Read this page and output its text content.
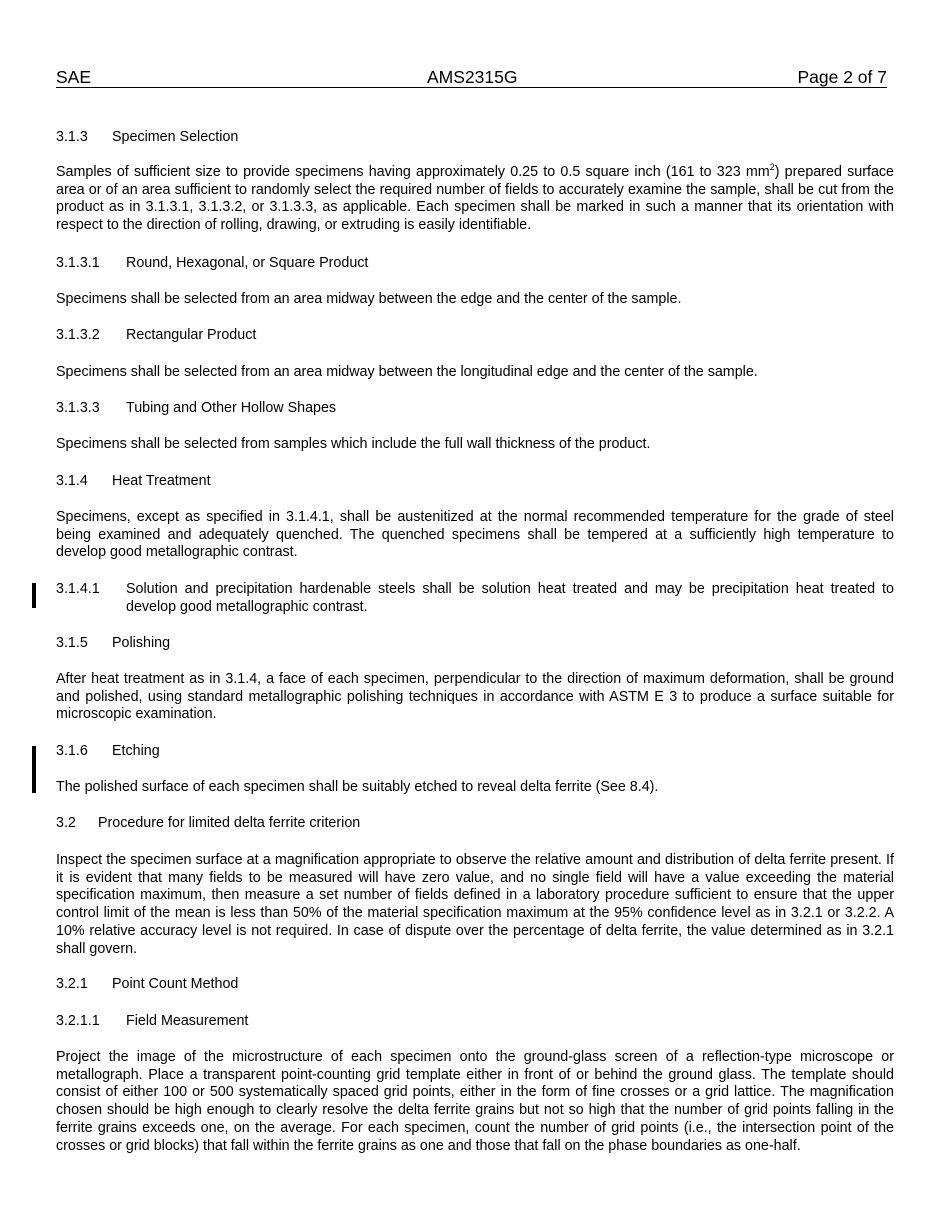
SAE	AMS2315G	Page 2 of 7
3.1.3 Specimen Selection

Samples of sufficient size to provide specimens having approximately 0.25 to 0.5 square inch (161 to 323 $mm^2$) prepared surface area or of an area sufficient to randomly select the required number of fields to accurately examine the sample, shall be cut from the product as in 3.1.3.1, 3.1.3.2, or 3.1.3.3, as applicable. Each specimen shall be marked in such a manner that its orientation with respect to the direction of rolling, drawing, or extruding is easily identifiable.

3.1.3.1 Round, Hexagonal, or Square Product

Specimens shall be selected from an area midway between the edge and the center of the sample.

3.1.3.2 Rectangular Product

Specimens shall be selected from an area midway between the longitudinal edge and the center of the sample.

3.1.3.3 Tubing and Other Hollow Shapes

Specimens shall be selected from samples which include the full wall thickness of the product.

3.1.4 Heat Treatment

Specimens, except as specified in 3.1.4.1, shall be austenitized at the normal recommended temperature for the grade of steel being examined and adequately quenched. The quenched specimens shall be tempered at a sufficiently high temperature to develop good metallographic contrast.

3.1.4.1	Solution and precipitation hardenable steels shall be solution heat treated and may be precipitation heat treated to develop good metallographic contrast.
3.1.5 Polishing

After heat treatment as in 3.1.4, a face of each specimen, perpendicular to the direction of maximum deformation, shall be ground and polished, using standard metallographic polishing techniques in accordance with ASTM E 3 to produce a surface suitable for microscopic examination.

3.1.6 Etching

The polished surface of each specimen shall be suitably etched to reveal delta ferrite (See 8.4).

3.2 Procedure for limited delta ferrite criterion

Inspect the specimen surface at a magnification appropriate to observe the relative amount and distribution of delta ferrite present. If it is evident that many fields to be measured will have zero value, and no single field will have a value exceeding the material specification maximum, then measure a set number of fields defined in a laboratory procedure sufficient to ensure that the upper control limit of the mean is less than 50% of the material specification maximum at the 95% confidence level as in 3.2.1 or 3.2.2. A 10% relative accuracy level is not required. In case of dispute over the percentage of delta ferrite, the value determined as in 3.2.1 shall govern.

3.2.1 Point Count Method
3.2.1.1 Field Measurement

Project the image of the microstructure of each specimen onto the ground-glass screen of a reflection-type microscope or metallograph. Place a transparent point-counting grid template either in front of or behind the ground glass. The template should consist of either 100 or 500 systematically spaced grid points, either in the form of fine crosses or a grid lattice. The magnification chosen should be high enough to clearly resolve the delta ferrite grains but not so high that the number of grid points falling in the ferrite grains exceeds one, on the average. For each specimen, count the number of grid points (i.e., the intersection point of the crosses or grid blocks) that fall within the ferrite grains as one and those that fall on the phase boundaries as one-half.
